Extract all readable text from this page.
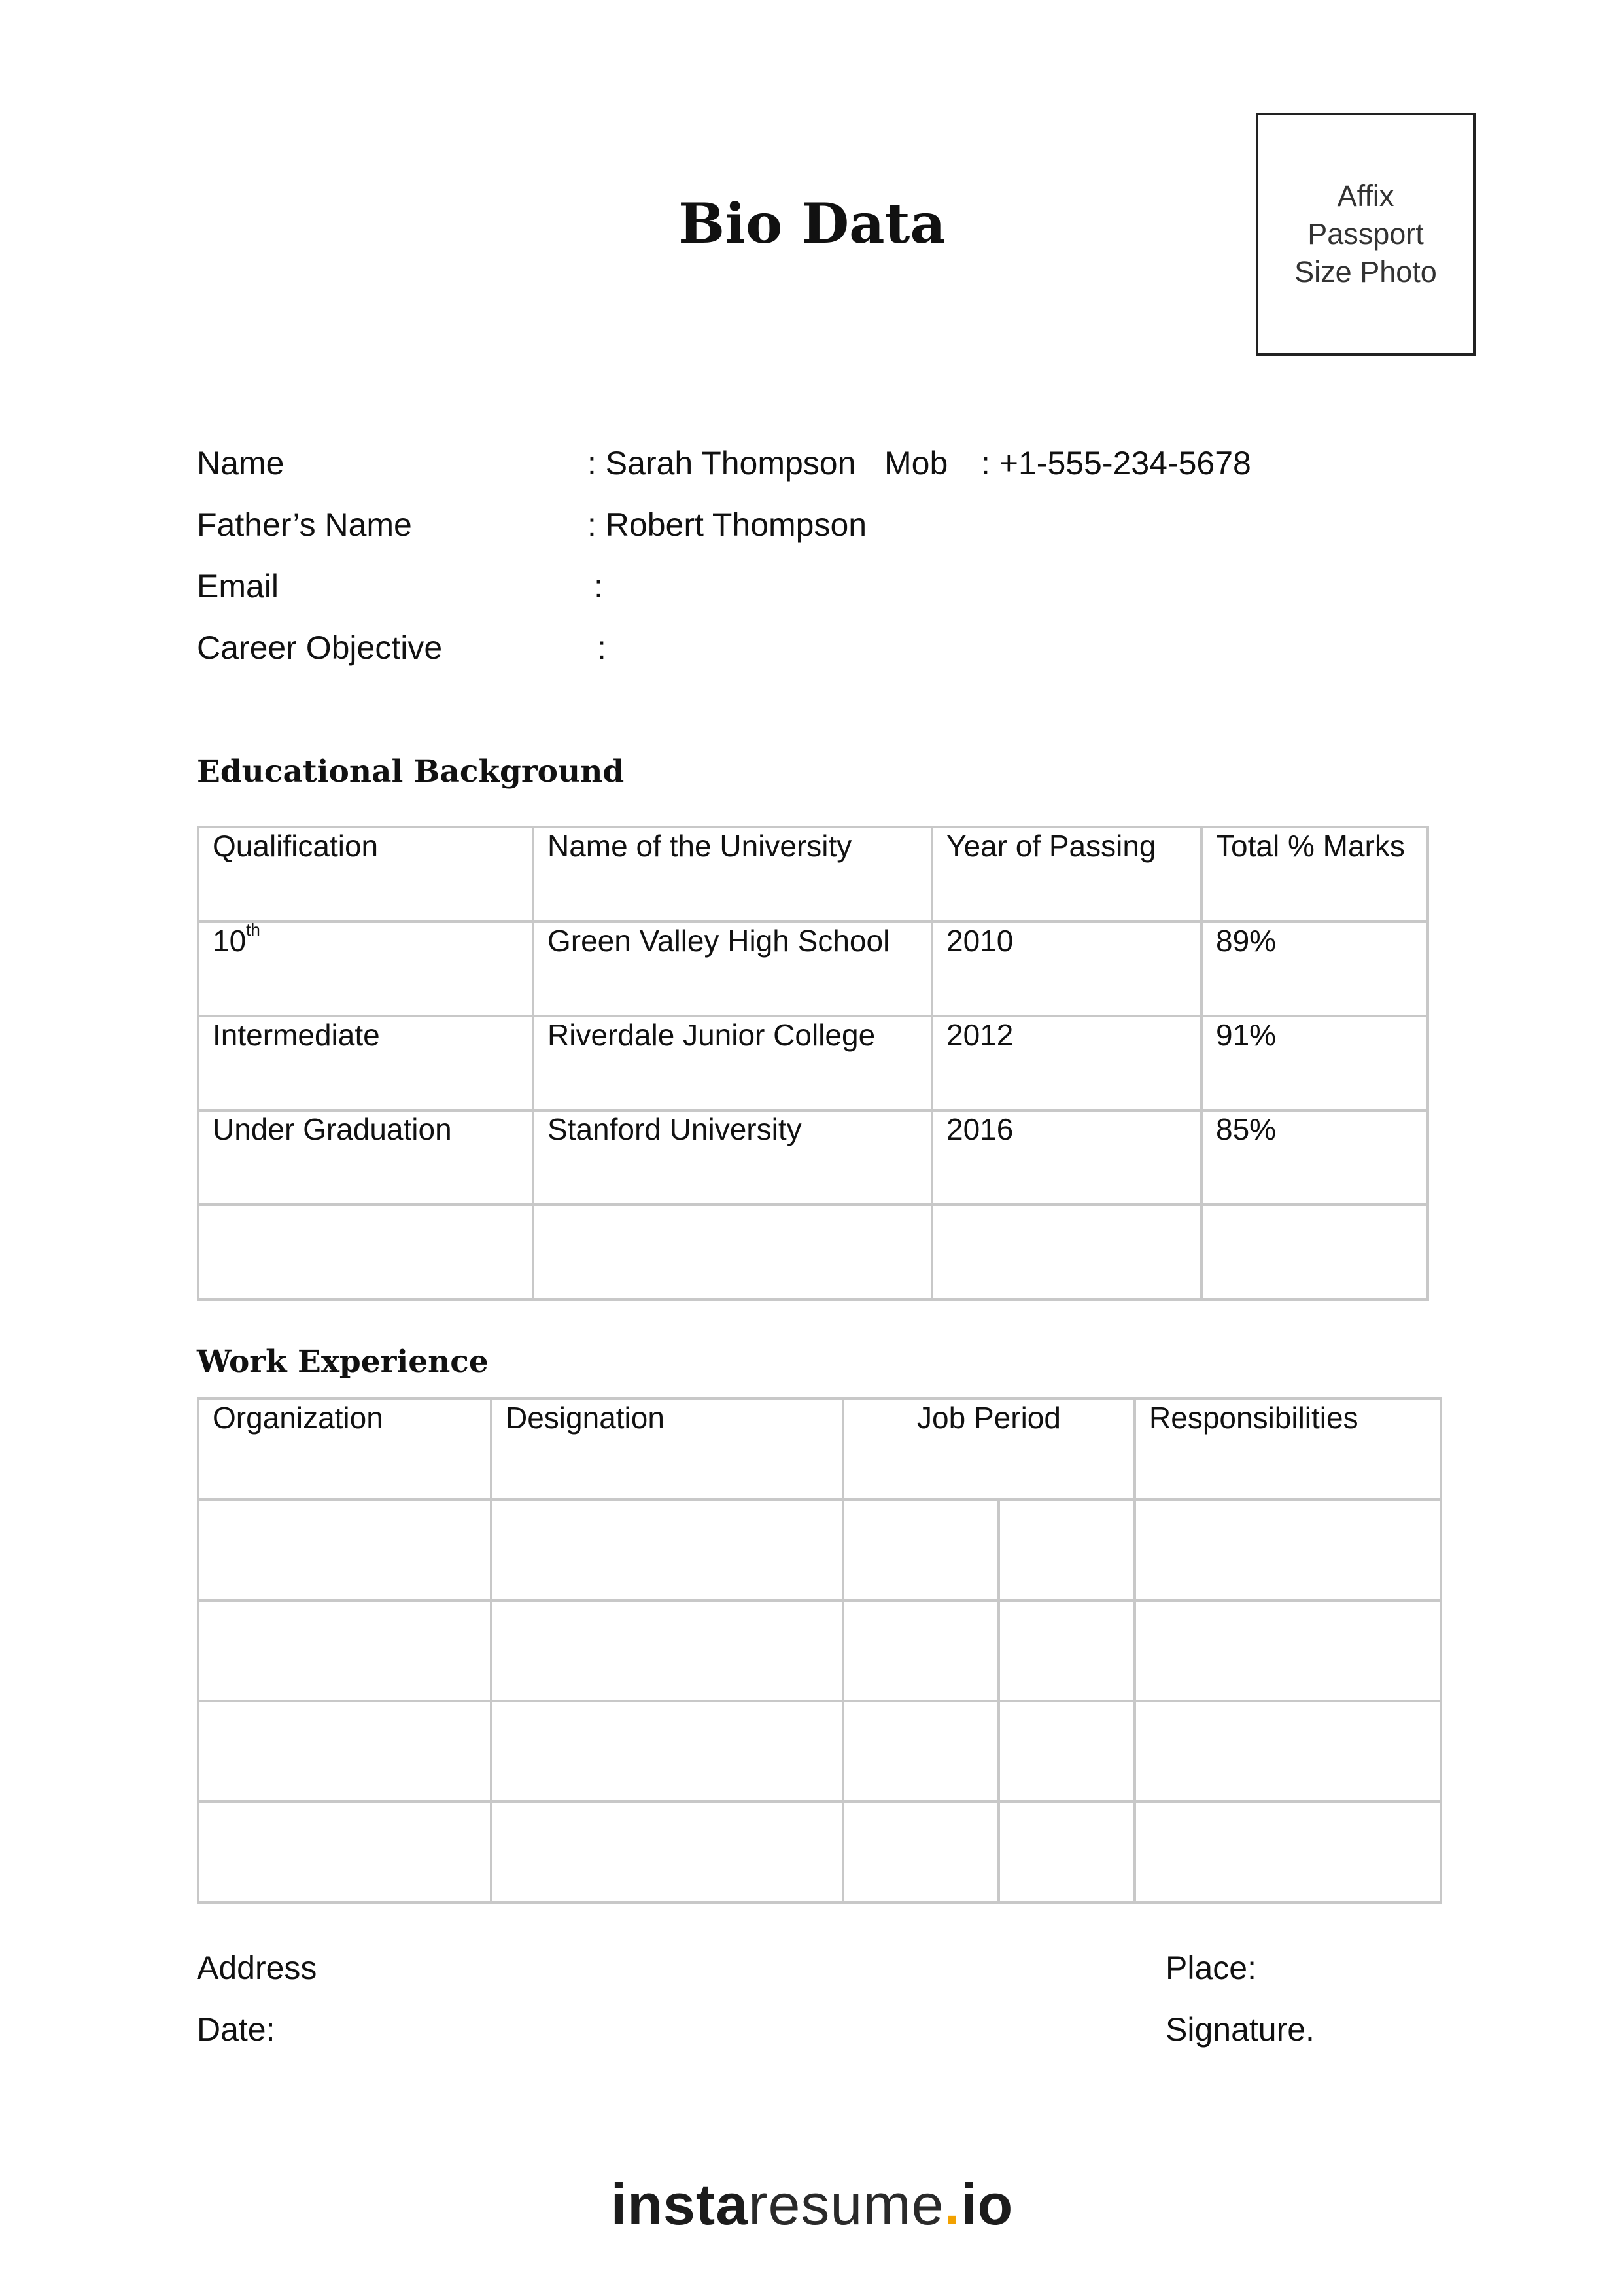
Bio Data	Affix
Passport
Size Photo
Name	: Sarah Thompson Mob : +1-555-234-5678
Father’s Name	: Robert Thompson
Email	:
Career Objective	:
Educational Background
Qualification	Name of the University	Year of Passing	Total % Marks
10th	Green Valley High School	2010	89%
Intermediate	Riverdale Junior College	2012	91%
Under Graduation	Stanford University	2016	85%

Work Experience
Organization	Designation	Job Period		Responsibilities

Address
Date:
Place:
Signature.
instaresume.io
